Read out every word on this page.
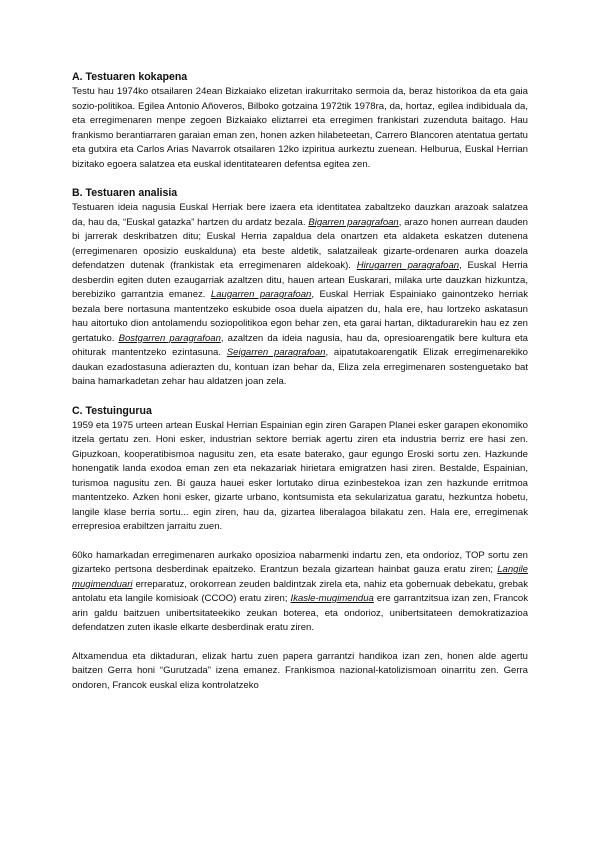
A. Testuaren kokapena

Testu hau 1974ko otsailaren 24ean Bizkaiako elizetan irakurritako sermoia da, beraz historikoa da eta gaia sozio-politikoa. Egilea Antonio Añoveros, Bilboko gotzaina 1972tik 1978ra, da, hortaz, egilea indibiduala da, eta erregimenaren menpe zegoen Bizkaiako eliztarrei eta erregimen frankistari zuzenduta baitago. Hau frankismo berantiarraren garaian eman zen, honen azken hilabeteetan, Carrero Blancoren atentatua gertatu eta gutxira eta Carlos Arias Navarrok otsailaren 12ko izpiritua aurkeztu zuenean. Helburua, Euskal Herrian bizitako egoera salatzea eta euskal identitatearen defentsa egitea zen.

B. Testuaren analisia

Testuaren ideia nagusia Euskal Herriak bere izaera eta identitatea zabaltzeko dauzkan arazoak salatzea da, hau da, “Euskal gatazka” hartzen du ardatz bezala. Bigarren paragrafoan, arazo honen aurrean dauden bi jarrerak deskribatzen ditu; Euskal Herria zapaldua dela onartzen eta aldaketa eskatzen dutenena (erregimenaren oposizio euskalduna) eta beste aldetik, salatzaileak gizarte-ordenaren aurka doazela defendatzen dutenak (frankistak eta erregimenaren aldekoak). Hirugarren paragrafoan, Euskal Herria desberdin egiten duten ezaugarriak azaltzen ditu, hauen artean Euskarari, milaka urte dauzkan hizkuntza, berebiziko garrantzia emanez. Laugarren paragrafoan, Euskal Herriak Espainiako gainontzeko herriak bezala bere nortasuna mantentzeko eskubide osoa duela aipatzen du, hala ere, hau lortzeko askatasun hau aitortuko dion antolamendu soziopolitikoa egon behar zen, eta garai hartan, diktadurarekin hau ez zen gertatuko. Bostgarren paragrafoan, azaltzen da ideia nagusia, hau da, opresioarengatik bere kultura eta ohiturak mantentzeko ezintasuna. Seigarren paragrafoan, aipatutakoarengatik Elizak erregimenarekiko daukan ezadostasuna adierazten du, kontuan izan behar da, Eliza zela erregimenaren sostenguetako bat baina hamarkadetan zehar hau aldatzen joan zela.

C. Testuingurua

1959 eta 1975 urteen artean Euskal Herrian Espainian egin ziren Garapen Planei esker garapen ekonomiko itzela gertatu zen. Honi esker, industrian sektore berriak agertu ziren eta industria berriz ere hasi zen. Gipuzkoan, kooperatibismoa nagusitu zen, eta esate baterako, gaur egungo Eroski sortu zen. Hazkunde honengatik landa exodoa eman zen eta nekazariak hirietara emigratzen hasi ziren. Bestalde, Espainian, turismoa nagusitu zen. Bi gauza hauei esker lortutako dirua ezinbestekoa izan zen hazkunde erritmoa mantentzeko. Azken honi esker, gizarte urbano, kontsumista eta sekularizatua garatu, hezkuntza hobetu, langile klase berria sortu... egin ziren, hau da, gizartea liberalagoa bilakatu zen. Hala ere, erregimenak errepresioa erabiltzen jarraitu zuen.

60ko hamarkadan erregimenaren aurkako oposizioa nabarmenki indartu zen, eta ondorioz, TOP sortu zen gizarteko pertsona desberdinak epaitzeko. Erantzun bezala gizartean hainbat gauza eratu ziren; Langile mugimenduari erreparatuz, orokorrean zeuden baldintzak zirela eta, nahiz eta gobernuak debekatu, grebak antolatu eta langile komisioak (CCOO) eratu ziren; Ikasle-mugimendua ere garrantzitsua izan zen, Francok arin galdu baitzuen unibertsitateekiko zeukan boterea, eta ondorioz, unibertsitateen demokratizazioa defendatzen zuten ikasle elkarte desberdinak eratu ziren.

Altxamendua eta diktaduran, elizak hartu zuen papera garrantzi handikoa izan zen, honen alde agertu baitzen Gerra honi “Gurutzada” izena emanez. Frankismoa nazional-katolizismoan oinarritu zen. Gerra ondoren, Francok euskal eliza kontrolatzeko
